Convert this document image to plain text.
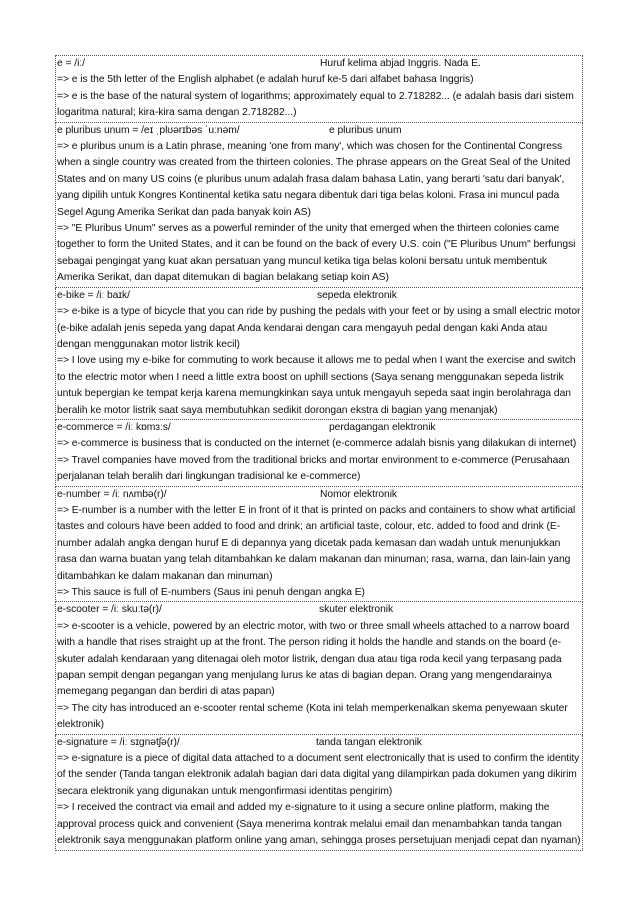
e = /iː/	Huruf kelima abjad Inggris. Nada E.

=> e is the 5th letter of the English alphabet (e adalah huruf ke-5 dari alfabet bahasa Inggris)

=> e is the base of the natural system of logarithms; approximately equal to 2.718282... (e adalah basis dari sistem logaritma natural; kira-kira sama dengan 2.718282...)

e pluribus unum = /eɪ ˌplʊərɪbəs ˈuːnəm/	e pluribus unum

=> e pluribus unum is a Latin phrase, meaning 'one from many', which was chosen for the Continental Congress when a single country was created from the thirteen colonies. The phrase appears on the Great Seal of the United States and on many US coins (e pluribus unum adalah frasa dalam bahasa Latin, yang berarti 'satu dari banyak', yang dipilih untuk Kongres Kontinental ketika satu negara dibentuk dari tiga belas koloni. Frasa ini muncul pada Segel Agung Amerika Serikat dan pada banyak koin AS)

=> "E Pluribus Unum" serves as a powerful reminder of the unity that emerged when the thirteen colonies came together to form the United States, and it can be found on the back of every U.S. coin ("E Pluribus Unum" berfungsi sebagai pengingat yang kuat akan persatuan yang muncul ketika tiga belas koloni bersatu untuk membentuk Amerika Serikat, dan dapat ditemukan di bagian belakang setiap koin AS)

e-bike = /iː baɪk/	sepeda elektronik

=> e-bike is a type of bicycle that you can ride by pushing the pedals with your feet or by using a small electric motor (e-bike adalah jenis sepeda yang dapat Anda kendarai dengan cara mengayuh pedal dengan kaki Anda atau dengan menggunakan motor listrik kecil)

=> I love using my e-bike for commuting to work because it allows me to pedal when I want the exercise and switch to the electric motor when I need a little extra boost on uphill sections (Saya senang menggunakan sepeda listrik untuk bepergian ke tempat kerja karena memungkinkan saya untuk mengayuh sepeda saat ingin berolahraga dan beralih ke motor listrik saat saya membutuhkan sedikit dorongan ekstra di bagian yang menanjak)

e-commerce = /iː kɒmɜːs/	perdagangan elektronik

=> e-commerce is business that is conducted on the internet (e-commerce adalah bisnis yang dilakukan di internet)

=> Travel companies have moved from the traditional bricks and mortar environment to e-commerce (Perusahaan perjalanan telah beralih dari lingkungan tradisional ke e-commerce)

e-number = /iː nʌmbə(r)/	Nomor elektronik

=> E-number is a number with the letter E in front of it that is printed on packs and containers to show what artificial tastes and colours have been added to food and drink; an artificial taste, colour, etc. added to food and drink (E-number adalah angka dengan huruf E di depannya yang dicetak pada kemasan dan wadah untuk menunjukkan rasa dan warna buatan yang telah ditambahkan ke dalam makanan dan minuman; rasa, warna, dan lain-lain yang ditambahkan ke dalam makanan dan minuman)

=> This sauce is full of E-numbers (Saus ini penuh dengan angka E)

e-scooter = /iː skuːtə(r)/	skuter elektronik

=> e-scooter is a vehicle, powered by an electric motor, with two or three small wheels attached to a narrow board with a handle that rises straight up at the front. The person riding it holds the handle and stands on the board (e-skuter adalah kendaraan yang ditenagai oleh motor listrik, dengan dua atau tiga roda kecil yang terpasang pada papan sempit dengan pegangan yang menjulang lurus ke atas di bagian depan. Orang yang mengendarainya memegang pegangan dan berdiri di atas papan)

=> The city has introduced an e-scooter rental scheme (Kota ini telah memperkenalkan skema penyewaan skuter elektronik)

e-signature = /iː sɪɡnətʃə(r)/	tanda tangan elektronik

=> e-signature is a piece of digital data attached to a document sent electronically that is used to confirm the identity of the sender (Tanda tangan elektronik adalah bagian dari data digital yang dilampirkan pada dokumen yang dikirim secara elektronik yang digunakan untuk mengonfirmasi identitas pengirim)

=> I received the contract via email and added my e-signature to it using a secure online platform, making the approval process quick and convenient (Saya menerima kontrak melalui email dan menambahkan tanda tangan elektronik saya menggunakan platform online yang aman, sehingga proses persetujuan menjadi cepat dan nyaman)
